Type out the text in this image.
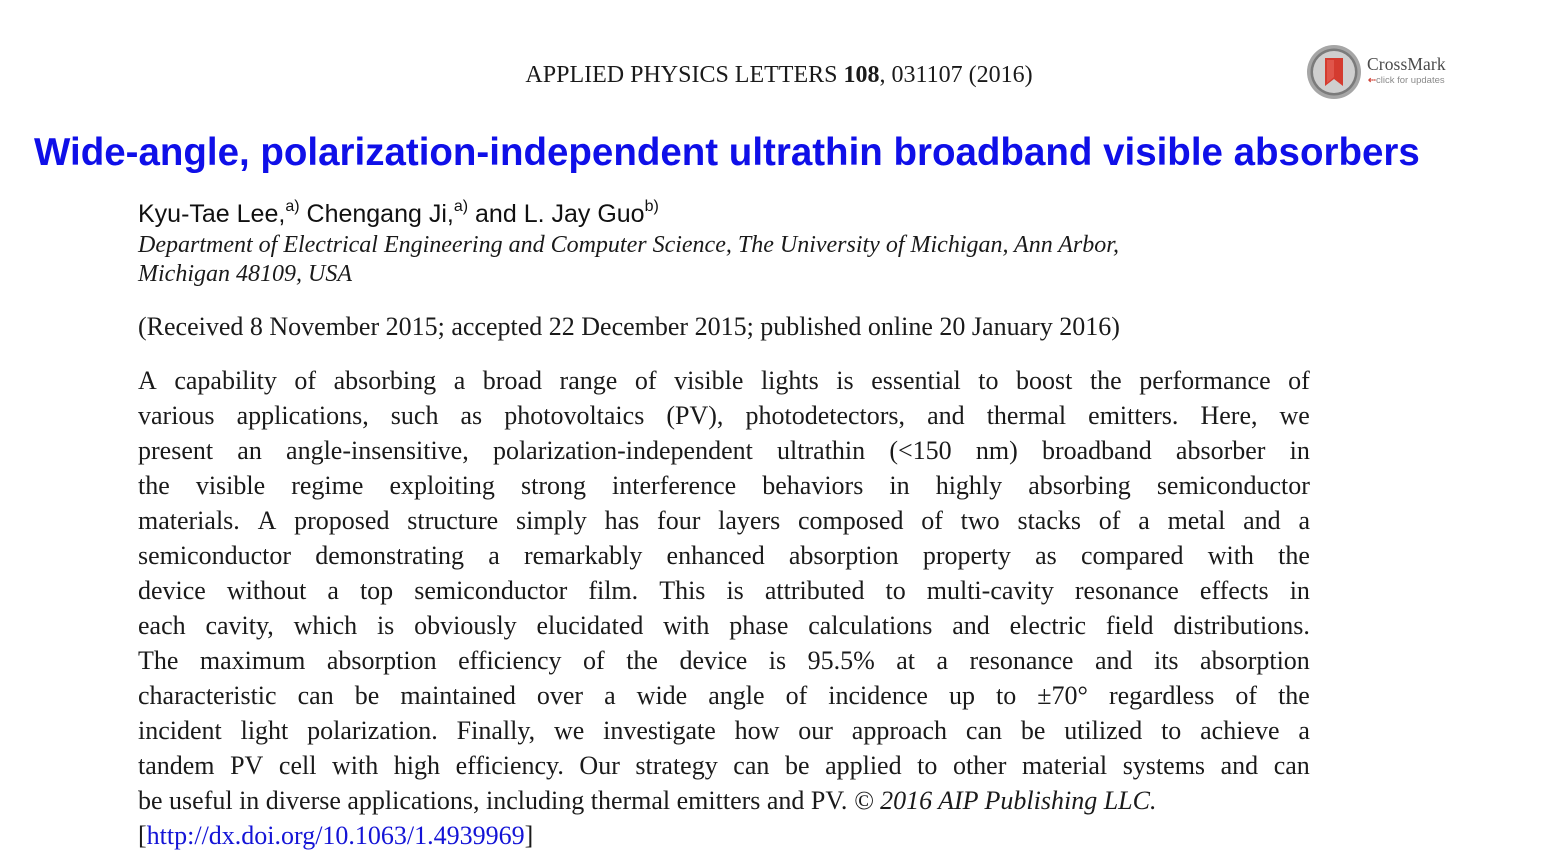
APPLIED PHYSICS LETTERS 108, 031107 (2016)	CrossMark
⇠click for updates
Wide-angle, polarization-independent ultrathin broadband visible absorbers
Kyu-Tae Lee,$^{a)}$ Chengang Ji,$^{a)}$ and L. Jay Guo$^{b)}$
Department of Electrical Engineering and Computer Science, The University of Michigan, Ann Arbor,
Michigan 48109, USA
(Received 8 November 2015; accepted 22 December 2015; published online 20 January 2016)
A capability of absorbing a broad range of visible lights is essential to boost the performance of
various applications, such as photovoltaics (PV), photodetectors, and thermal emitters. Here, we
present an angle-insensitive, polarization-independent ultrathin (<150 nm) broadband absorber in
the visible regime exploiting strong interference behaviors in highly absorbing semiconductor
materials. A proposed structure simply has four layers composed of two stacks of a metal and a
semiconductor demonstrating a remarkably enhanced absorption property as compared with the
device without a top semiconductor film. This is attributed to multi-cavity resonance effects in
each cavity, which is obviously elucidated with phase calculations and electric field distributions.
The maximum absorption efficiency of the device is 95.5% at a resonance and its absorption
characteristic can be maintained over a wide angle of incidence up to ±70° regardless of the
incident light polarization. Finally, we investigate how our approach can be utilized to achieve a
tandem PV cell with high efficiency. Our strategy can be applied to other material systems and can
be useful in diverse applications, including thermal emitters and PV. © 2016 AIP Publishing LLC.
[http://dx.doi.org/10.1063/1.4939969]
